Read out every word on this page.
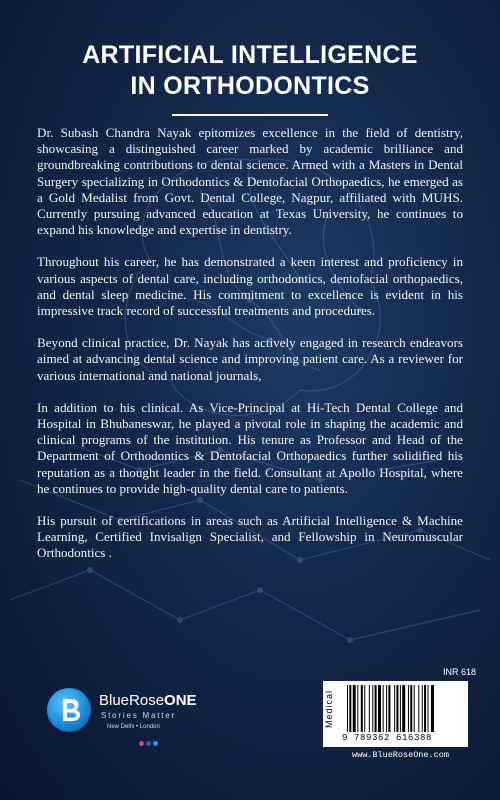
ARTIFICIAL INTELLIGENCE
IN ORTHODONTICS

Dr. Subash Chandra Nayak epitomizes excellence in the field of dentistry, showcasing a distinguished career marked by academic brilliance and groundbreaking contributions to dental science. Armed with a Masters in Dental Surgery specializing in Orthodontics & Dentofacial Orthopaedics, he emerged as a Gold Medalist from Govt. Dental College, Nagpur, affiliated with MUHS. Currently pursuing advanced education at Texas University, he continues to expand his knowledge and expertise in dentistry.

Throughout his career, he has demonstrated a keen interest and proficiency in various aspects of dental care, including orthodontics, dentofacial orthopaedics, and dental sleep medicine. His commitment to excellence is evident in his impressive track record of successful treatments and procedures.

Beyond clinical practice, Dr. Nayak has actively engaged in research endeavors aimed at advancing dental science and improving patient care. As a reviewer for various international and national journals,

In addition to his clinical. As Vice-Principal at Hi-Tech Dental College and Hospital in Bhubaneswar, he played a pivotal role in shaping the academic and clinical programs of the institution. His tenure as Professor and Head of the Department of Orthodontics & Dentofacial Orthopaedics further solidified his reputation as a thought leader in the field. Consultant at Apollo Hospital, where he continues to provide high-quality dental care to patients.

His pursuit of certifications in areas such as Artificial Intelligence & Machine Learning, Certified Invisalign Specialist, and Fellowship in Neuromuscular Orthodontics .

BlueRoseONE
Stories Matter
New Delhi • London
INR 618
Medical
9 789362 616388
www.BlueRoseOne.com
